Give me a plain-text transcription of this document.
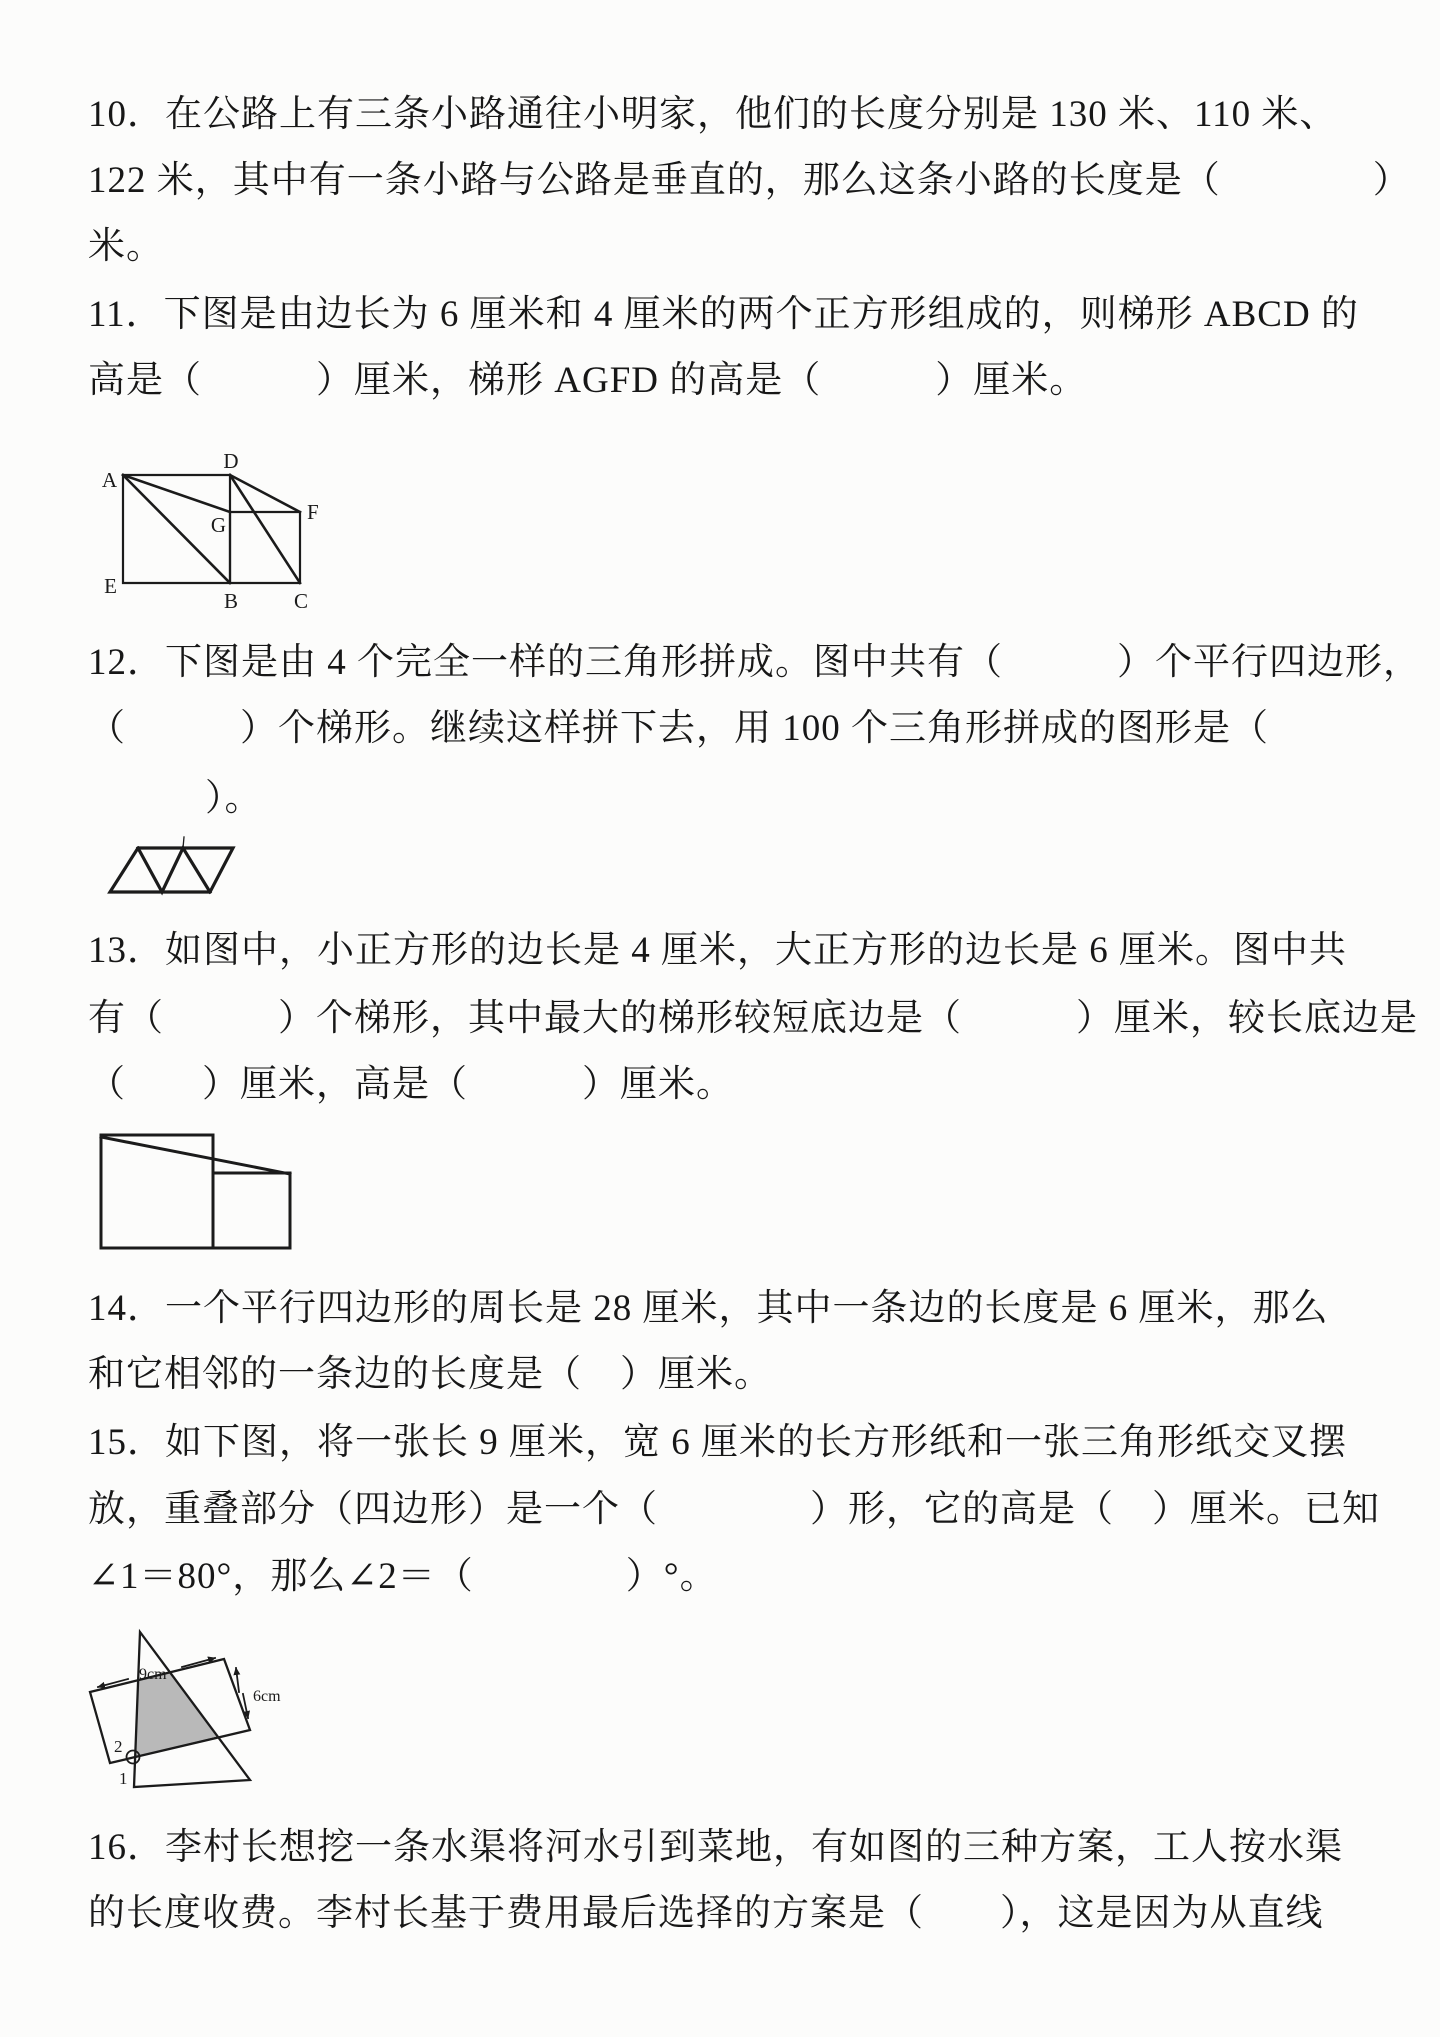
10．在公路上有三条小路通往小明家，他们的长度分别是 130 米、110 米、
122 米，其中有一条小路与公路是垂直的，那么这条小路的长度是（　　　　）
米。
11．下图是由边长为 6 厘米和 4 厘米的两个正方形组成的，则梯形 ABCD 的
高是（　　　）厘米，梯形 AGFD 的高是（　　　）厘米。
A
D
E
B	C
F
G
12．下图是由 4 个完全一样的三角形拼成。图中共有（　　　）个平行四边形，
（　　　）个梯形。继续这样拼下去，用 100 个三角形拼成的图形是（
）。
13．如图中，小正方形的边长是 4 厘米，大正方形的边长是 6 厘米。图中共
有（　　　）个梯形，其中最大的梯形较短底边是（　　　）厘米，较长底边是
（　　）厘米，高是（　　　）厘米。
14．一个平行四边形的周长是 28 厘米，其中一条边的长度是 6 厘米，那么
和它相邻的一条边的长度是（　）厘米。
15．如下图，将一张长 9 厘米，宽 6 厘米的长方形纸和一张三角形纸交叉摆
放，重叠部分（四边形）是一个（　　　　）形，它的高是（　）厘米。已知
∠1＝80°，那么∠2＝（　　　　）°。
9cm
6cm
2
1
16．李村长想挖一条水渠将河水引到菜地，有如图的三种方案，工人按水渠
的长度收费。李村长基于费用最后选择的方案是（　　），这是因为从直线
